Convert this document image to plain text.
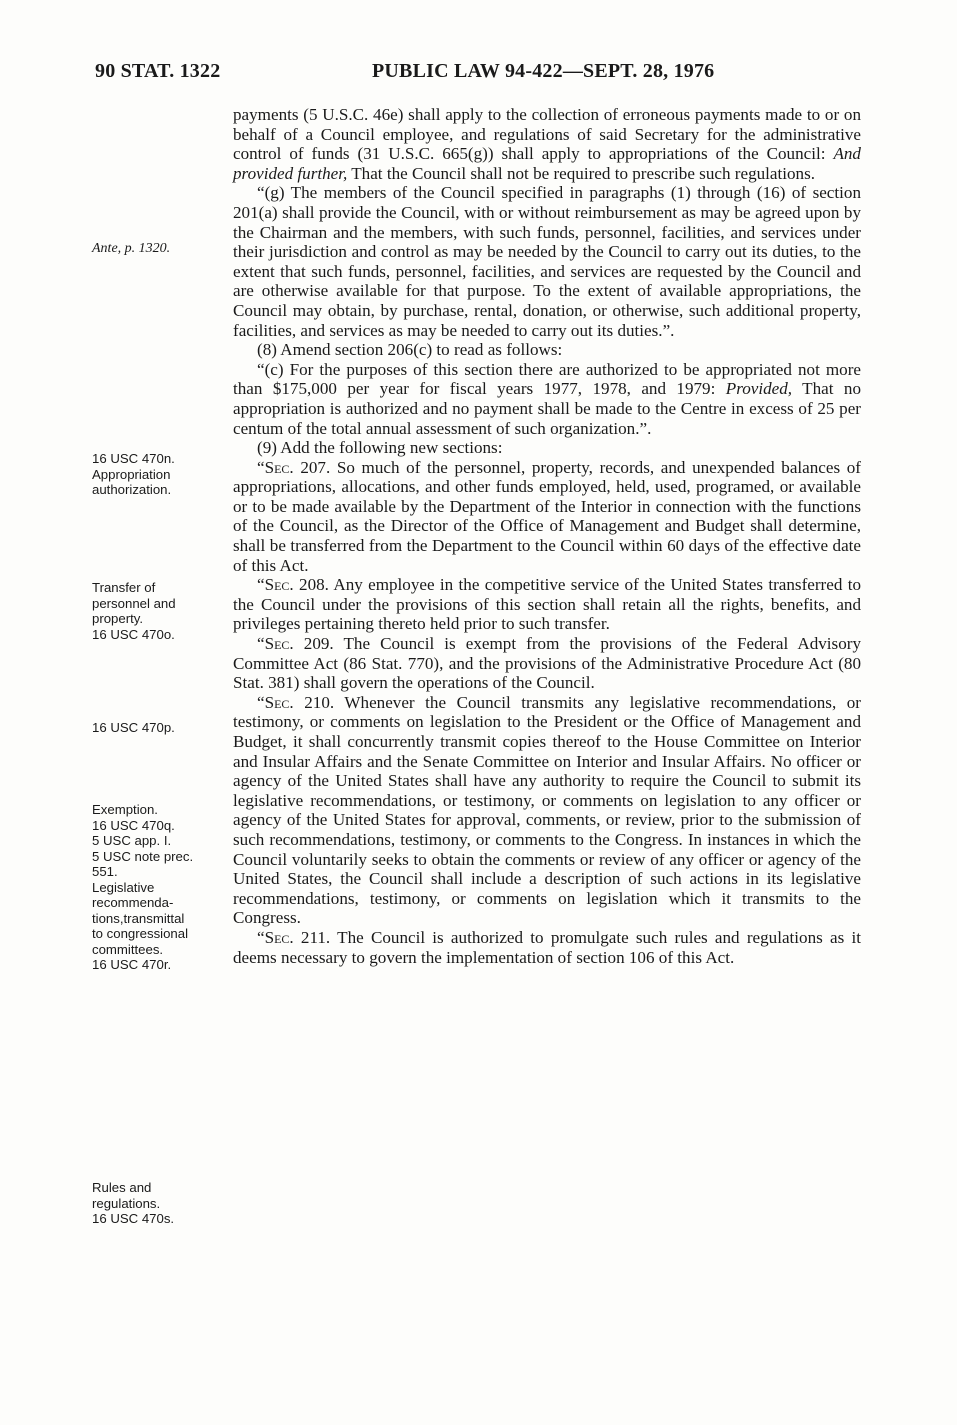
90 STAT. 1322	PUBLIC LAW 94-422—SEPT. 28, 1976
Ante, p. 1320.
16 USC 470n.
Appropriation
authorization.
Transfer of
personnel and
property.
16 USC 470o.
16 USC 470p.
Exemption.
16 USC 470q.
5 USC app. I.
5 USC note prec.
551.
Legislative
recommenda-
tions,transmittal
to congressional
committees.
16 USC 470r.
Rules and
regulations.
16 USC 470s.

payments (5 U.S.C. 46e) shall apply to the collection of erroneous payments made to or on behalf of a Council employee, and regulations of said Secretary for the administrative control of funds (31 U.S.C. 665(g)) shall apply to appropriations of the Council: And provided further, That the Council shall not be required to prescribe such regulations.

“(g) The members of the Council specified in paragraphs (1) through (16) of section 201(a) shall provide the Council, with or without reimbursement as may be agreed upon by the Chairman and the members, with such funds, personnel, facilities, and services under their jurisdiction and control as may be needed by the Council to carry out its duties, to the extent that such funds, personnel, facilities, and services are requested by the Council and are otherwise available for that purpose. To the extent of available appropriations, the Council may obtain, by purchase, rental, donation, or otherwise, such additional property, facilities, and services as may be needed to carry out its duties.”.

(8) Amend section 206(c) to read as follows:

“(c) For the purposes of this section there are authorized to be appropriated not more than $175,000 per year for fiscal years 1977, 1978, and 1979: Provided, That no appropriation is authorized and no payment shall be made to the Centre in excess of 25 per centum of the total annual assessment of such organization.”.

(9) Add the following new sections:

“Sec. 207. So much of the personnel, property, records, and unexpended balances of appropriations, allocations, and other funds employed, held, used, programed, or available or to be made available by the Department of the Interior in connection with the functions of the Council, as the Director of the Office of Management and Budget shall determine, shall be transferred from the Department to the Council within 60 days of the effective date of this Act.

“Sec. 208. Any employee in the competitive service of the United States transferred to the Council under the provisions of this section shall retain all the rights, benefits, and privileges pertaining thereto held prior to such transfer.

“Sec. 209. The Council is exempt from the provisions of the Federal Advisory Committee Act (86 Stat. 770), and the provisions of the Administrative Procedure Act (80 Stat. 381) shall govern the operations of the Council.

“Sec. 210. Whenever the Council transmits any legislative recommendations, or testimony, or comments on legislation to the President or the Office of Management and Budget, it shall concurrently transmit copies thereof to the House Committee on Interior and Insular Affairs and the Senate Committee on Interior and Insular Affairs. No officer or agency of the United States shall have any authority to require the Council to submit its legislative recommendations, or testimony, or comments on legislation to any officer or agency of the United States for approval, comments, or review, prior to the submission of such recommendations, testimony, or comments to the Congress. In instances in which the Council voluntarily seeks to obtain the comments or review of any officer or agency of the United States, the Council shall include a description of such actions in its legislative recommendations, testimony, or comments on legislation which it transmits to the Congress.

“Sec. 211. The Council is authorized to promulgate such rules and regulations as it deems necessary to govern the implementation of section 106 of this Act.
